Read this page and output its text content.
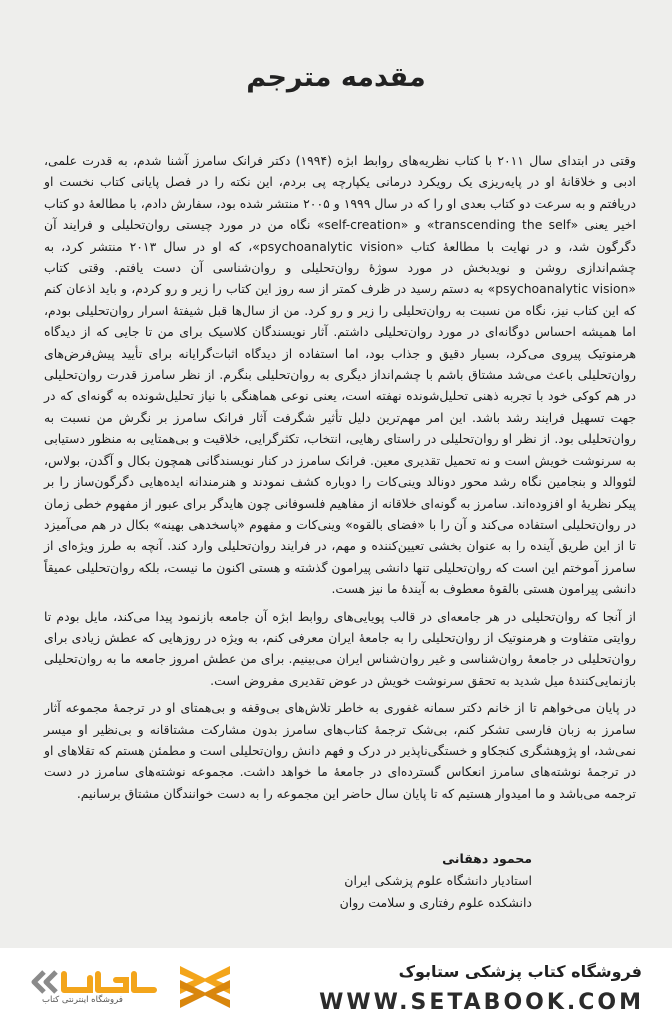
مقدمه مترجم

وقتی در ابتدای سال ۲۰۱۱ با کتاب نظریه‌های روابط ابژه (۱۹۹۴) دکتر فرانک سامرز آشنا شدم، به قدرت علمی، ادبی و خلاقانهٔ او در پایه‌ریزی یک رویکرد درمانی یکپارچه پی بردم، این نکته را در فصل پایانی کتاب نخست او دریافتم و به سرعت دو کتاب بعدی او را که در سال ۱۹۹۹ و ۲۰۰۵ منتشر شده بود، سفارش دادم، با مطالعهٔ دو کتاب اخیر یعنی «transcending the self» و «self-creation» نگاه من در مورد چیستی روان‌تحلیلی و فرایند آن دگرگون شد، و در نهایت با مطالعهٔ کتاب «psychoanalytic vision»، که او در سال ۲۰۱۳ منتشر کرد، به چشم‌اندازی روشن و نویدبخش در مورد سوژهٔ روان‌تحلیلی و روان‌شناسی آن دست یافتم. وقتی کتاب «psychoanalytic vision» به دستم رسید در ظرف کمتر از سه روز این کتاب را زیر و رو کردم، و باید اذعان کنم که این کتاب نیز، نگاه من نسبت به روان‌تحلیلی را زیر و رو کرد. من از سال‌ها قبل شیفتهٔ اسرار روان‌تحلیلی بودم، اما همیشه احساس دوگانه‌ای در مورد روان‌تحلیلی داشتم. آثار نویسندگان کلاسیک برای من تا جایی که از دیدگاه هرمنوتیک پیروی می‌کرد، بسیار دقیق و جذاب بود، اما استفاده از دیدگاه اثبات‌گرایانه برای تأیید پیش‌فرض‌های روان‌تحلیلی باعث می‌شد مشتاق باشم با چشم‌انداز دیگری به روان‌تحلیلی بنگرم. از نظر سامرز قدرت روان‌تحلیلی در هم کوکی خود با تجربه ذهنی تحلیل‌شونده نهفته است، یعنی نوعی هماهنگی با نیاز تحلیل‌شونده به گونه‌ای که در جهت تسهیل فرایند رشد باشد. این امر مهم‌ترین دلیل تأثیر شگرفت آثار فرانک سامرز بر نگرش من نسبت به روان‌تحلیلی بود. از نظر او روان‌تحلیلی در راستای رهایی، انتخاب، تکثرگرایی، خلاقیت و بی‌همتایی به منظور دستیابی به سرنوشت خویش است و نه تحمیل تقدیری معین. فرانک سامرز در کنار نویسندگانی همچون بکال و آگدن، بولاس، لئووالد و بنجامین نگاه رشد محور دونالد وینی‌کات را دوباره کشف نمودند و هنرمندانه ایده‌هایی دگرگون‌ساز را بر پیکر نظریهٔ او افزوده‌اند. سامرز به گونه‌ای خلاقانه از مفاهیم فلسوفانی چون هایدگر برای عبور از مفهوم خطی زمان در روان‌تحلیلی استفاده می‌کند و آن را با «فضای بالقوه» وینی‌کات و مفهوم «پاسخدهی بهینه» بکال در هم می‌آمیزد تا از این طریق آینده را به عنوان بخشی تعیین‌کننده و مهم، در فرایند روان‌تحلیلی وارد کند. آنچه به طرز ویژه‌ای از سامرز آموختم این است که روان‌تحلیلی تنها دانشی پیرامون گذشته و هستی اکنون ما نیست، بلکه روان‌تحلیلی عمیقاً دانشی پیرامون هستی بالقوهٔ معطوف به آیندهٔ ما نیز هست.

از آنجا که روان‌تحلیلی در هر جامعه‌ای در قالب پویایی‌های روابط ابژه آن جامعه بازنمود پیدا می‌کند، مایل بودم تا روایتی متفاوت و هرمنوتیک از روان‌تحلیلی را به جامعهٔ ایران معرفی کنم، به ویژه در روزهایی که عطش زیادی برای روان‌تحلیلی در جامعهٔ روان‌شناسی و غیر روان‌شناس ایران می‌بینیم. برای من عطش امروز جامعه ما به روان‌تحلیلی بازنمایی‌کنندهٔ میل شدید به تحقق سرنوشت خویش در عوض تقدیری مفروض است.

در پایان می‌خواهم تا از خانم دکتر سمانه غفوری به خاطر تلاش‌های بی‌وقفه و بی‌همتای او در ترجمهٔ مجموعه آثار سامرز به زبان فارسی تشکر کنم، بی‌شک ترجمهٔ کتاب‌های سامرز بدون مشارکت مشتاقانه و بی‌نظیر او میسر نمی‌شد، او پژوهشگری کنجکاو و خستگی‌ناپذیر در درک و فهم دانش روان‌تحلیلی است و مطمئن هستم که تقلاهای او در ترجمهٔ نوشته‌های سامرز انعکاس گسترده‌ای در جامعهٔ ما خواهد داشت. مجموعه نوشته‌های سامرز در دست ترجمه می‌باشد و ما امیدوار هستیم که تا پایان سال حاضر این مجموعه را به دست خوانندگان مشتاق برسانیم.

محمود دهقانی
استادیار دانشگاه علوم پزشکی ایران
دانشکده علوم رفتاری و سلامت روان
فروشگاه کتاب پزشکی ستابوک
WWW.SETABOOK.COM
فروشگاه اینترنتی کتاب
